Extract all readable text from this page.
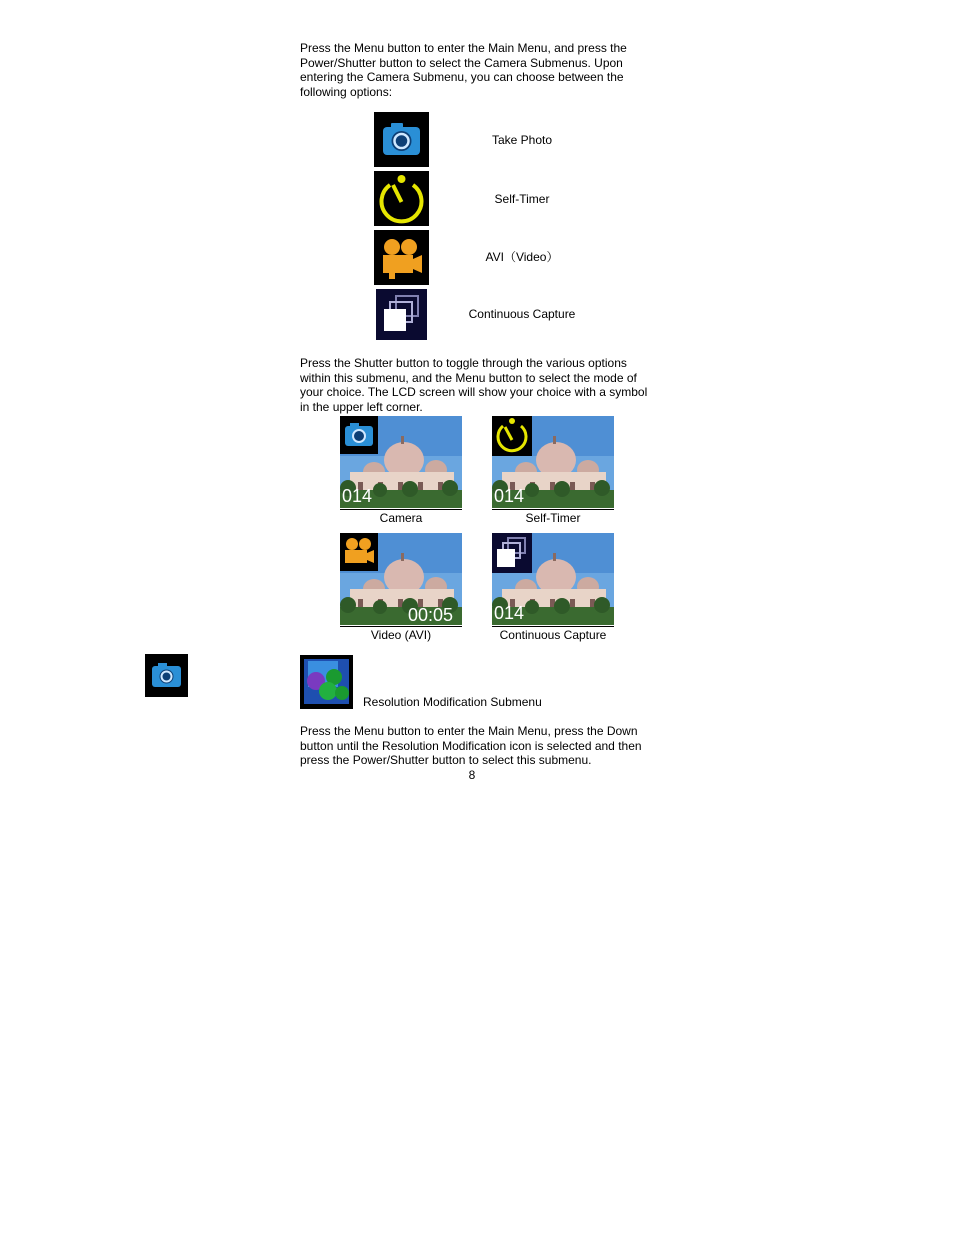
Press the Menu button to enter the Main Menu, and press the Power/Shutter button to select the Camera Submenus. Upon entering the Camera Submenu, you can choose between the following options:

Take Photo
Self-Timer
AVI（Video）
Continuous Capture

Press the Shutter button to toggle through the various options within this submenu, and the Menu button to select the mode of your choice. The LCD screen will show your choice with a symbol in the upper left corner.

014
Camera
014
Self-Timer
00:05
Video (AVI)
014
Continuous Capture
Resolution Modification Submenu

Press the Menu button to enter the Main Menu, press the Down button until the Resolution Modification icon is selected and then press the Power/Shutter button to select this submenu.

8
